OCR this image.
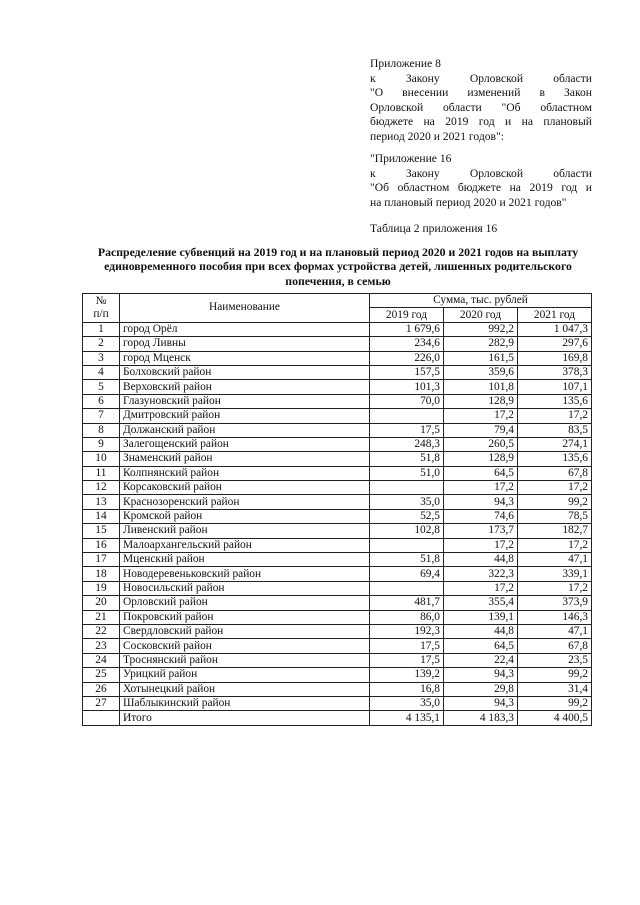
Приложение 8

к Закону Орловской области

"О внесении изменений в Закон

Орловской области "Об областном

бюджете на 2019 год и на плановый

период 2020 и 2021 годов":

"Приложение 16

к Закону Орловской области

"Об областном бюджете на 2019 год и

на плановый период 2020 и 2021 годов"

Таблица 2 приложения 16

Распределение субвенций на 2019 год и на плановый период 2020 и 2021 годов на выплату единовременного пособия при всех формах устройства детей, лишенных родительского попечения, в семью

№
п/п	Наименование	Сумма, тыс. рублей		
		2019 год	2020 год	2021 год
1	город Орёл	1 679,6	992,2	1 047,3
2	город Ливны	234,6	282,9	297,6
3	город Мценск	226,0	161,5	169,8
4	Болховский район	157,5	359,6	378,3
5	Верховский район	101,3	101,8	107,1
6	Глазуновский район	70,0	128,9	135,6
7	Дмитровский район		17,2	17,2
8	Должанский район	17,5	79,4	83,5
9	Залегощенский район	248,3	260,5	274,1
10	Знаменский район	51,8	128,9	135,6
11	Колпнянский район	51,0	64,5	67,8
12	Корсаковский район		17,2	17,2
13	Краснозоренский район	35,0	94,3	99,2
14	Кромской район	52,5	74,6	78,5
15	Ливенский район	102,8	173,7	182,7
16	Малоархангельский район		17,2	17,2
17	Мценский район	51,8	44,8	47,1
18	Новодеревеньковский район	69,4	322,3	339,1
19	Новосильский район		17,2	17,2
20	Орловский район	481,7	355,4	373,9
21	Покровский район	86,0	139,1	146,3
22	Свердловский район	192,3	44,8	47,1
23	Сосковский район	17,5	64,5	67,8
24	Троснянский район	17,5	22,4	23,5
25	Урицкий район	139,2	94,3	99,2
26	Хотынецкий район	16,8	29,8	31,4
27	Шаблыкинский район	35,0	94,3	99,2
	Итого	4 135,1	4 183,3	4 400,5
